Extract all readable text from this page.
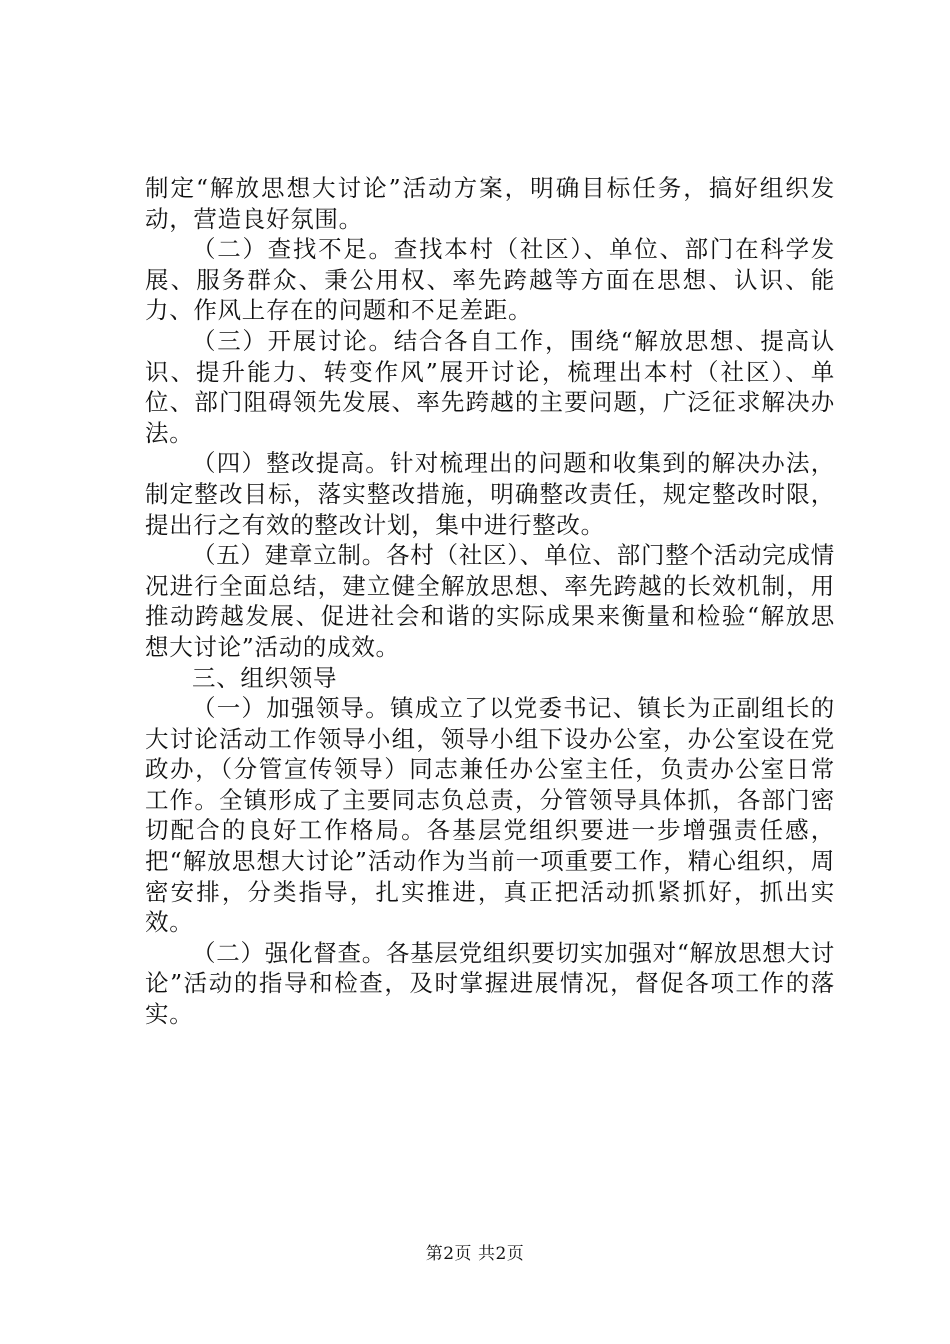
制定“解放思想大讨论”活动方案，明确目标任务，搞好组织发动，营造良好氛围。

（二）查找不足。查找本村（社区）、单位、部门在科学发展、服务群众、秉公用权、率先跨越等方面在思想、认识、能力、作风上存在的问题和不足差距。

（三）开展讨论。结合各自工作，围绕“解放思想、提高认识、提升能力、转变作风”展开讨论，梳理出本村（社区）、单位、部门阻碍领先发展、率先跨越的主要问题，广泛征求解决办法。

（四）整改提高。针对梳理出的问题和收集到的解决办法，制定整改目标，落实整改措施，明确整改责任，规定整改时限，提出行之有效的整改计划，集中进行整改。

（五）建章立制。各村（社区）、单位、部门整个活动完成情况进行全面总结，建立健全解放思想、率先跨越的长效机制，用推动跨越发展、促进社会和谐的实际成果来衡量和检验“解放思想大讨论”活动的成效。

三、组织领导

（一）加强领导。镇成立了以党委书记、镇长为正副组长的大讨论活动工作领导小组，领导小组下设办公室，办公室设在党政办，（分管宣传领导）同志兼任办公室主任，负责办公室日常工作。全镇形成了主要同志负总责，分管领导具体抓，各部门密切配合的良好工作格局。各基层党组织要进一步增强责任感，把“解放思想大讨论”活动作为当前一项重要工作，精心组织，周密安排，分类指导，扎实推进，真正把活动抓紧抓好，抓出实效。

（二）强化督查。各基层党组织要切实加强对“解放思想大讨论”活动的指导和检查，及时掌握进展情况，督促各项工作的落实。

第2页 共2页
